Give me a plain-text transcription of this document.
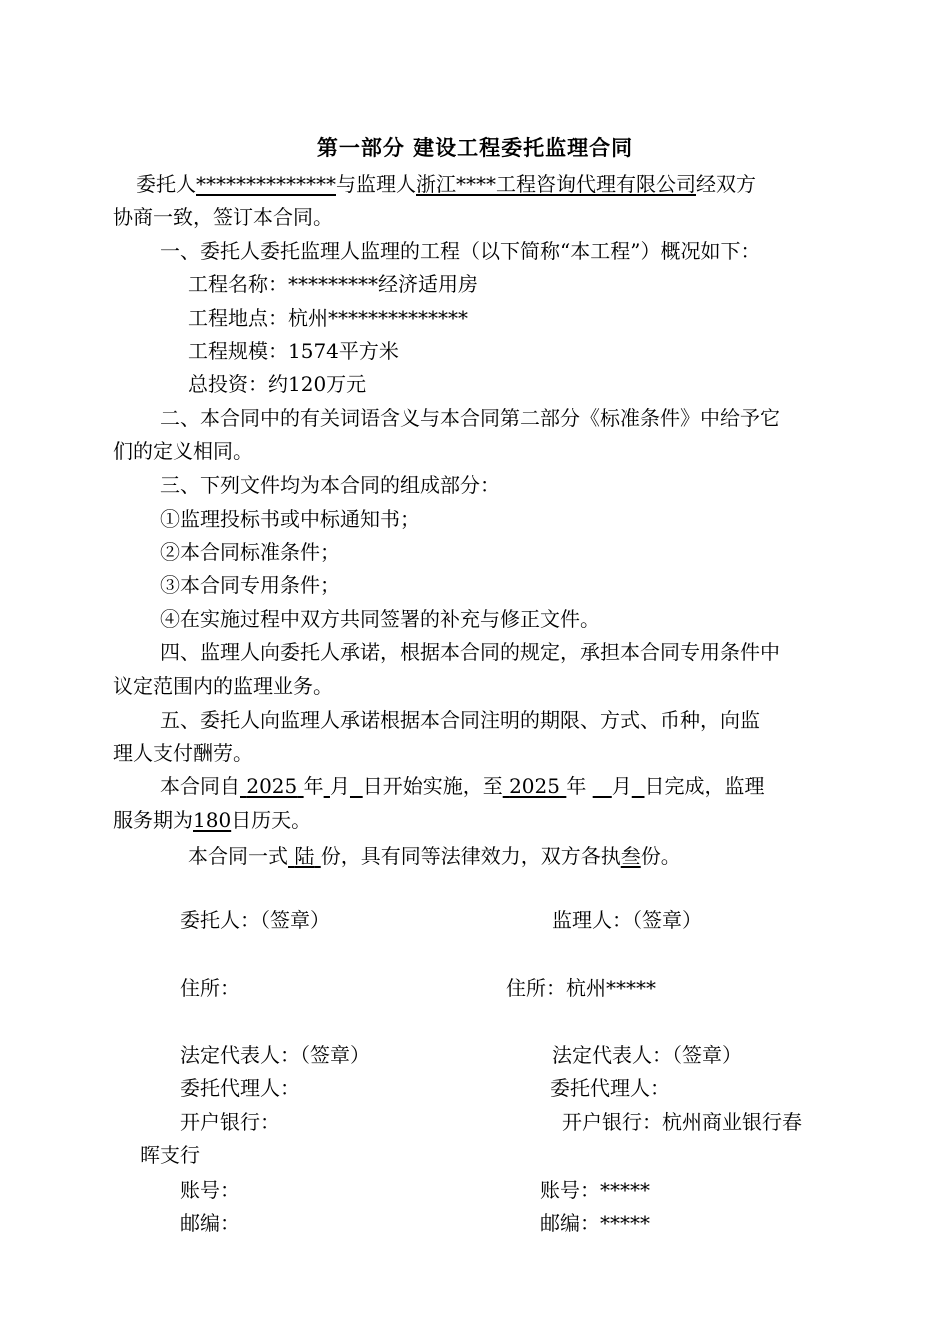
第一部分 建设工程委托监理合同
委托人**************与监理人浙江****工程咨询代理有限公司经双方
协商一致，签订本合同。
一、委托人委托监理人监理的工程（以下简称“本工程”）概况如下：
工程名称：*********经济适用房
工程地点：杭州**************
工程规模：1574平方米
总投资：约120万元
二、本合同中的有关词语含义与本合同第二部分《标准条件》中给予它
们的定义相同。
三、下列文件均为本合同的组成部分：
①监理投标书或中标通知书；
②本合同标准条件；
③本合同专用条件；
④在实施过程中双方共同签署的补充与修正文件。
四、监理人向委托人承诺，根据本合同的规定，承担本合同专用条件中
议定范围内的监理业务。
五、委托人向监理人承诺根据本合同注明的期限、方式、币种，向监
理人支付酬劳。
本合同自 2025 年 月 日开始实施，至 2025 年 月 日完成，监理
服务期为180日历天。
本合同一式 陆 份，具有同等法律效力，双方各执叁份。
委托人：（签章）	监理人：（签章）
住所：	住所：杭州*****
法定代表人：（签章）	法定代表人：（签章）
委托代理人：	委托代理人：
开户银行：	开户银行：杭州商业银行春
晖支行
账号：	账号：*****
邮编：	邮编：*****
